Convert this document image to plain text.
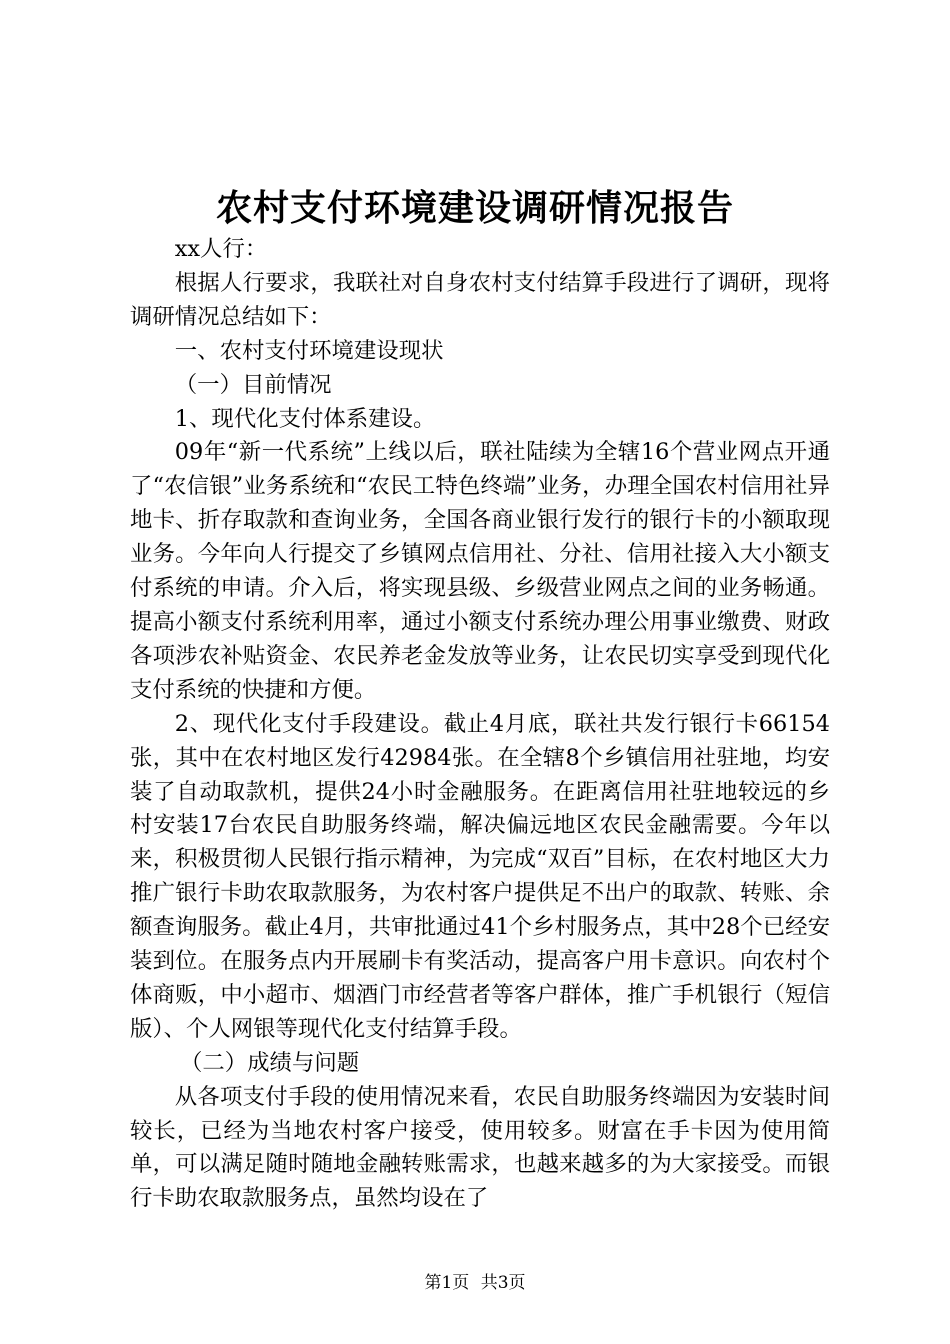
农村支付环境建设调研情况报告

xx人行：

根据人行要求，我联社对自身农村支付结算手段进行了调研，现将调研情况总结如下：

一、农村支付环境建设现状

（一）目前情况

1、现代化支付体系建设。

09年“新一代系统”上线以后，联社陆续为全辖16个营业网点开通了“农信银”业务系统和“农民工特色终端”业务，办理全国农村信用社异地卡、折存取款和查询业务，全国各商业银行发行的银行卡的小额取现业务。今年向人行提交了乡镇网点信用社、分社、信用社接入大小额支付系统的申请。介入后，将实现县级、乡级营业网点之间的业务畅通。提高小额支付系统利用率，通过小额支付系统办理公用事业缴费、财政各项涉农补贴资金、农民养老金发放等业务，让农民切实享受到现代化支付系统的快捷和方便。

2、现代化支付手段建设。截止4月底，联社共发行银行卡66154张，其中在农村地区发行42984张。在全辖8个乡镇信用社驻地，均安装了自动取款机，提供24小时金融服务。在距离信用社驻地较远的乡村安装17台农民自助服务终端，解决偏远地区农民金融需要。今年以来，积极贯彻人民银行指示精神，为完成“双百”目标，在农村地区大力推广银行卡助农取款服务，为农村客户提供足不出户的取款、转账、余额查询服务。截止4月，共审批通过41个乡村服务点，其中28个已经安装到位。在服务点内开展刷卡有奖活动，提高客户用卡意识。向农村个体商贩，中小超市、烟酒门市经营者等客户群体，推广手机银行（短信版）、个人网银等现代化支付结算手段。

（二）成绩与问题

从各项支付手段的使用情况来看，农民自助服务终端因为安装时间较长，已经为当地农村客户接受，使用较多。财富在手卡因为使用简单，可以满足随时随地金融转账需求，也越来越多的为大家接受。而银行卡助农取款服务点，虽然均设在了

第1页 共3页
